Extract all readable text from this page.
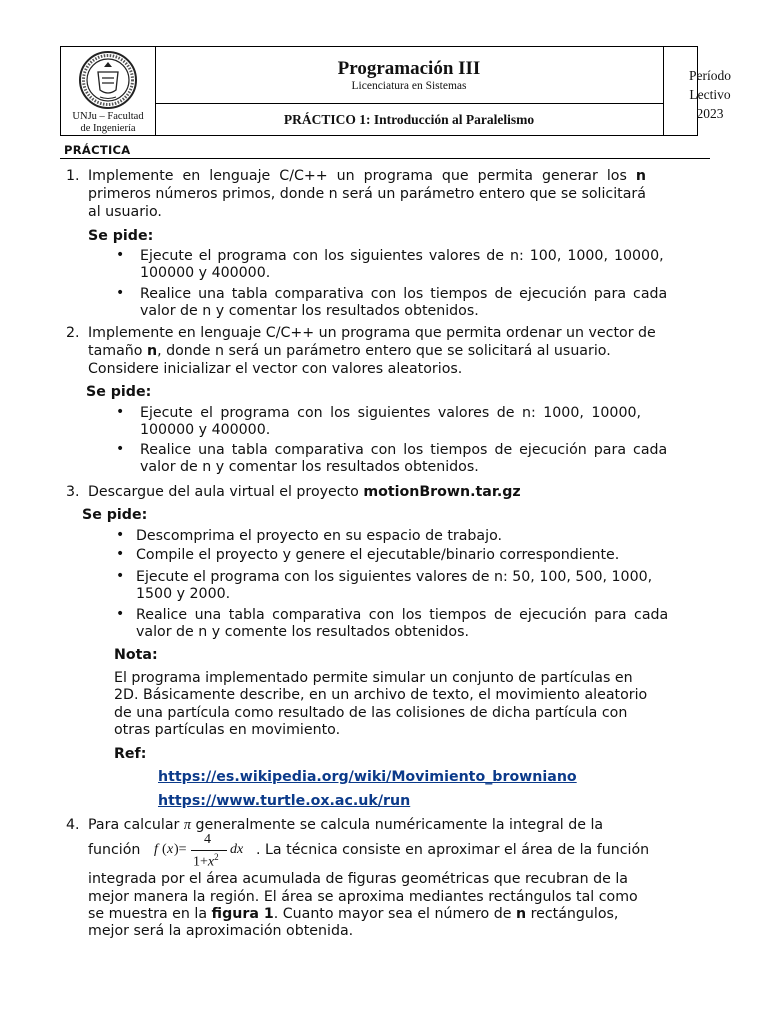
UNJu – Facultad
de Ingeniería
Programación III
Licenciatura en Sistemas
PRÁCTICO 1: Introducción al Paralelismo
Período
Lectivo
2023
PRÁCTICA
1. Implemente en lenguaje C/C++ un programa que permita generar los n
primeros números primos, donde n será un parámetro entero que se solicitará
al usuario.
Se pide:
• Ejecute el programa con los siguientes valores de n: 100, 1000, 10000,
100000 y 400000.
• Realice una tabla comparativa con los tiempos de ejecución para cada
valor de n y comentar los resultados obtenidos.
2. Implemente en lenguaje C/C++ un programa que permita ordenar un vector de
tamaño n, donde n será un parámetro entero que se solicitará al usuario.
Considere inicializar el vector con valores aleatorios.
Se pide:
• Ejecute el programa con los siguientes valores de n: 1000, 10000,
100000 y 400000.
• Realice una tabla comparativa con los tiempos de ejecución para cada
valor de n y comentar los resultados obtenidos.
3. Descargue del aula virtual el proyecto motionBrown.tar.gz
Se pide:
• Descomprima el proyecto en su espacio de trabajo.
• Compile el proyecto y genere el ejecutable/binario correspondiente.
• Ejecute el programa con los siguientes valores de n: 50, 100, 500, 1000,
1500 y 2000.
• Realice una tabla comparativa con los tiempos de ejecución para cada
valor de n y comente los resultados obtenidos.
Nota:
El programa implementado permite simular un conjunto de partículas en
2D. Básicamente describe, en un archivo de texto, el movimiento aleatorio
de una partícula como resultado de las colisiones de dicha partícula con
otras partículas en movimiento.
Ref:
https://es.wikipedia.org/wiki/Movimiento_browniano
https://www.turtle.ox.ac.uk/run
4. Para calcular π generalmente se calcula numéricamente la integral de la
función f ( x )=
4
$1+x^2$ dx . La técnica consiste en aproximar el área de la función
integrada por el área acumulada de figuras geométricas que recubran de la
mejor manera la región. El área se aproxima mediantes rectángulos tal como
se muestra en la figura 1. Cuanto mayor sea el número de n rectángulos,
mejor será la aproximación obtenida.
